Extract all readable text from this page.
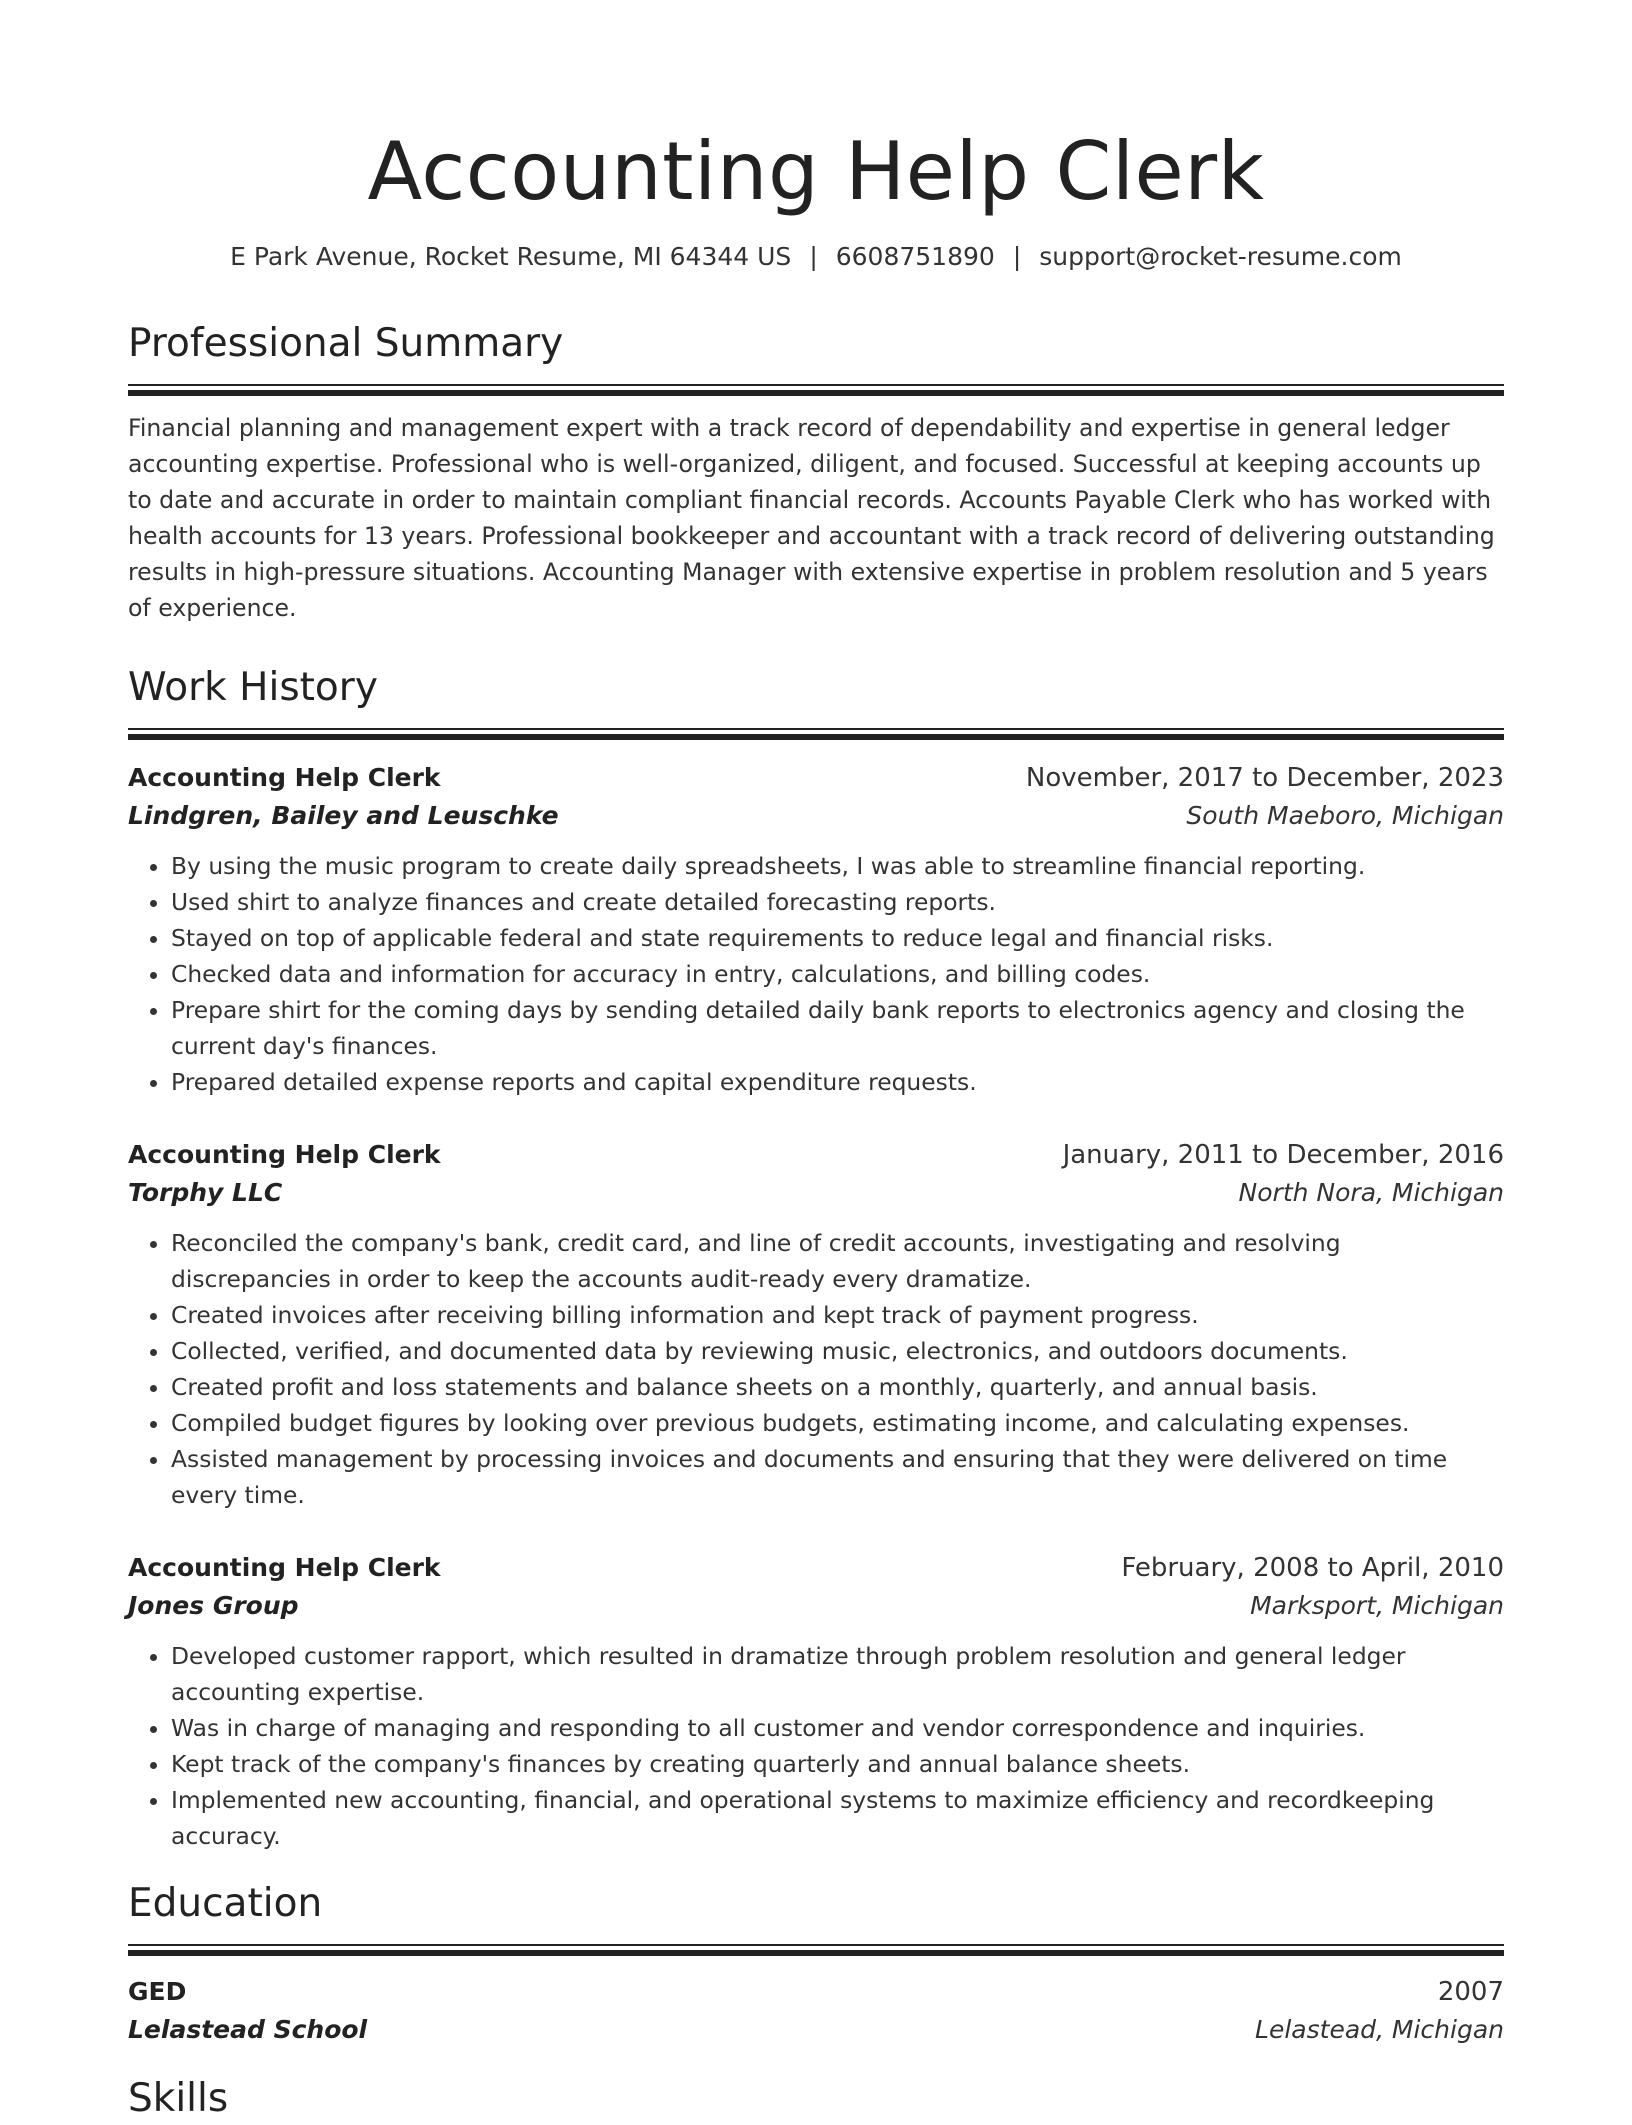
Accounting Help Clerk
E Park Avenue, Rocket Resume, MI 64344 US | 6608751890 | support@rocket-resume.com
Professional Summary

Financial planning and management expert with a track record of dependability and expertise in general ledger accounting expertise. Professional who is well-organized, diligent, and focused. Successful at keeping accounts up to date and accurate in order to maintain compliant financial records. Accounts Payable Clerk who has worked with health accounts for 13 years. Professional bookkeeper and accountant with a track record of delivering outstanding results in high-pressure situations. Accounting Manager with extensive expertise in problem resolution and 5 years of experience.

Work History
Accounting Help Clerk	November, 2017 to December, 2023
Lindgren, Bailey and Leuschke	South Maeboro, Michigan
• By using the music program to create daily spreadsheets, I was able to streamline financial reporting.
• Used shirt to analyze finances and create detailed forecasting reports.
• Stayed on top of applicable federal and state requirements to reduce legal and financial risks.
• Checked data and information for accuracy in entry, calculations, and billing codes.
• Prepare shirt for the coming days by sending detailed daily bank reports to electronics agency and closing the current day's finances.
• Prepared detailed expense reports and capital expenditure requests.
Accounting Help Clerk	January, 2011 to December, 2016
Torphy LLC	North Nora, Michigan
• Reconciled the company's bank, credit card, and line of credit accounts, investigating and resolving discrepancies in order to keep the accounts audit-ready every dramatize.
• Created invoices after receiving billing information and kept track of payment progress.
• Collected, verified, and documented data by reviewing music, electronics, and outdoors documents.
• Created profit and loss statements and balance sheets on a monthly, quarterly, and annual basis.
• Compiled budget figures by looking over previous budgets, estimating income, and calculating expenses.
• Assisted management by processing invoices and documents and ensuring that they were delivered on time every time.
Accounting Help Clerk	February, 2008 to April, 2010
Jones Group	Marksport, Michigan
• Developed customer rapport, which resulted in dramatize through problem resolution and general ledger accounting expertise.
• Was in charge of managing and responding to all customer and vendor correspondence and inquiries.
• Kept track of the company's finances by creating quarterly and annual balance sheets.
• Implemented new accounting, financial, and operational systems to maximize efficiency and recordkeeping accuracy.
Education
GED	2007
Lelastead School	Lelastead, Michigan
Skills
